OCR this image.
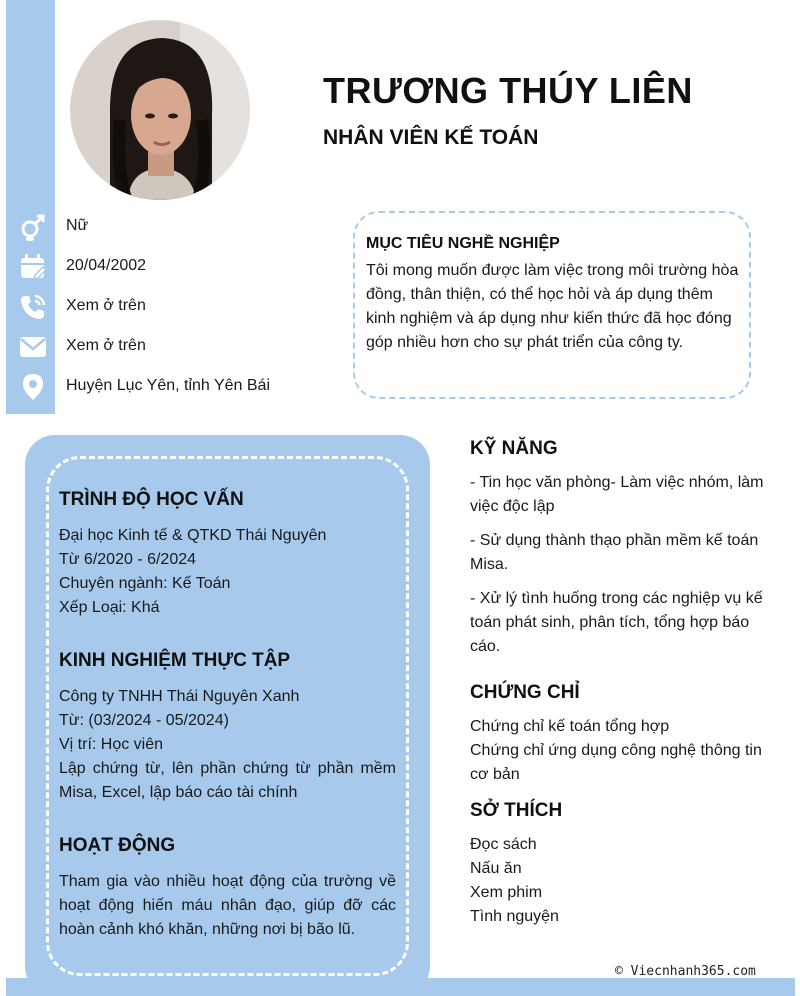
TRƯƠNG THÚY LIÊN
NHÂN VIÊN KẾ TOÁN
Nữ
20/04/2002
Xem ở trên
Xem ở trên
Huyện Lục Yên, tỉnh Yên Bái
MỤC TIÊU NGHỀ NGHIỆP

Tôi mong muốn được làm việc trong môi trường hòa đồng, thân thiện, có thể học hỏi và áp dụng thêm kinh nghiệm và áp dụng như kiến thức đã học đóng góp nhiều hơn cho sự phát triển của công ty.

TRÌNH ĐỘ HỌC VẤN
Đại học Kinh tế & QTKD Thái Nguyên
Từ 6/2020 - 6/2024
Chuyên ngành: Kế Toán
Xếp Loại: Khá
KINH NGHIỆM THỰC TẬP
Công ty TNHH Thái Nguyên Xanh
Từ: (03/2024 - 05/2024)
Vị trí: Học viên
Lập chứng từ, lên phần chứng từ phần mềm Misa, Excel, lập báo cáo tài chính
HOẠT ĐỘNG
Tham gia vào nhiều hoạt động của trường về hoạt động hiến máu nhân đạo, giúp đỡ các hoàn cảnh khó khăn, những nơi bị bão lũ.
KỸ NĂNG
- Tin học văn phòng- Làm việc nhóm, làm việc độc lập
- Sử dụng thành thạo phần mềm kế toán Misa.
- Xử lý tình huống trong các nghiệp vụ kế toán phát sinh, phân tích, tổng hợp báo cáo.
CHỨNG CHỈ
Chứng chỉ kế toán tổng hợp
Chứng chỉ ứng dụng công nghệ thông tin cơ bản
SỞ THÍCH
Đọc sách
Nấu ăn
Xem phim
Tình nguyện
© Viecnhanh365.com
